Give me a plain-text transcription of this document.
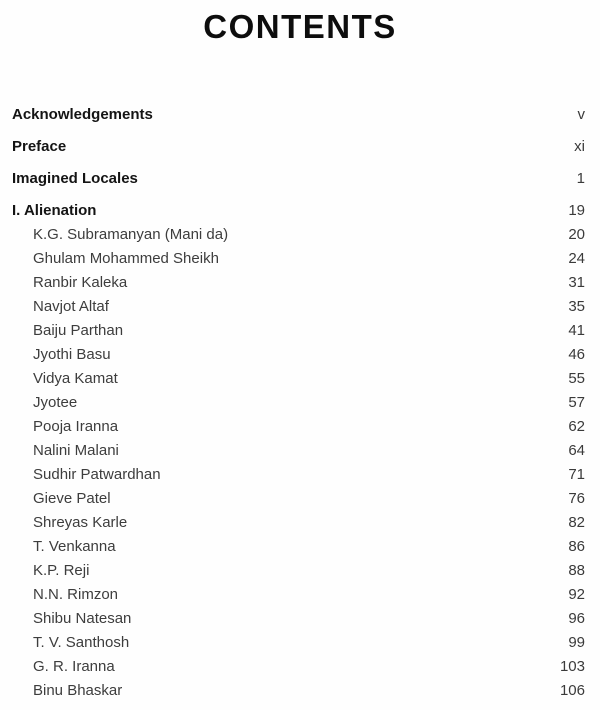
CONTENTS
Acknowledgements	v
Preface	xi
Imagined Locales	1
I. Alienation	19
K.G. Subramanyan (Mani da)	20
Ghulam Mohammed Sheikh	24
Ranbir Kaleka	31
Navjot Altaf	35
Baiju Parthan	41
Jyothi Basu	46
Vidya Kamat	55
Jyotee	57
Pooja Iranna	62
Nalini Malani	64
Sudhir Patwardhan	71
Gieve Patel	76
Shreyas Karle	82
T. Venkanna	86
K.P. Reji	88
N.N. Rimzon	92
Shibu Natesan	96
T. V. Santhosh	99
G. R. Iranna	103
Binu Bhaskar	106
